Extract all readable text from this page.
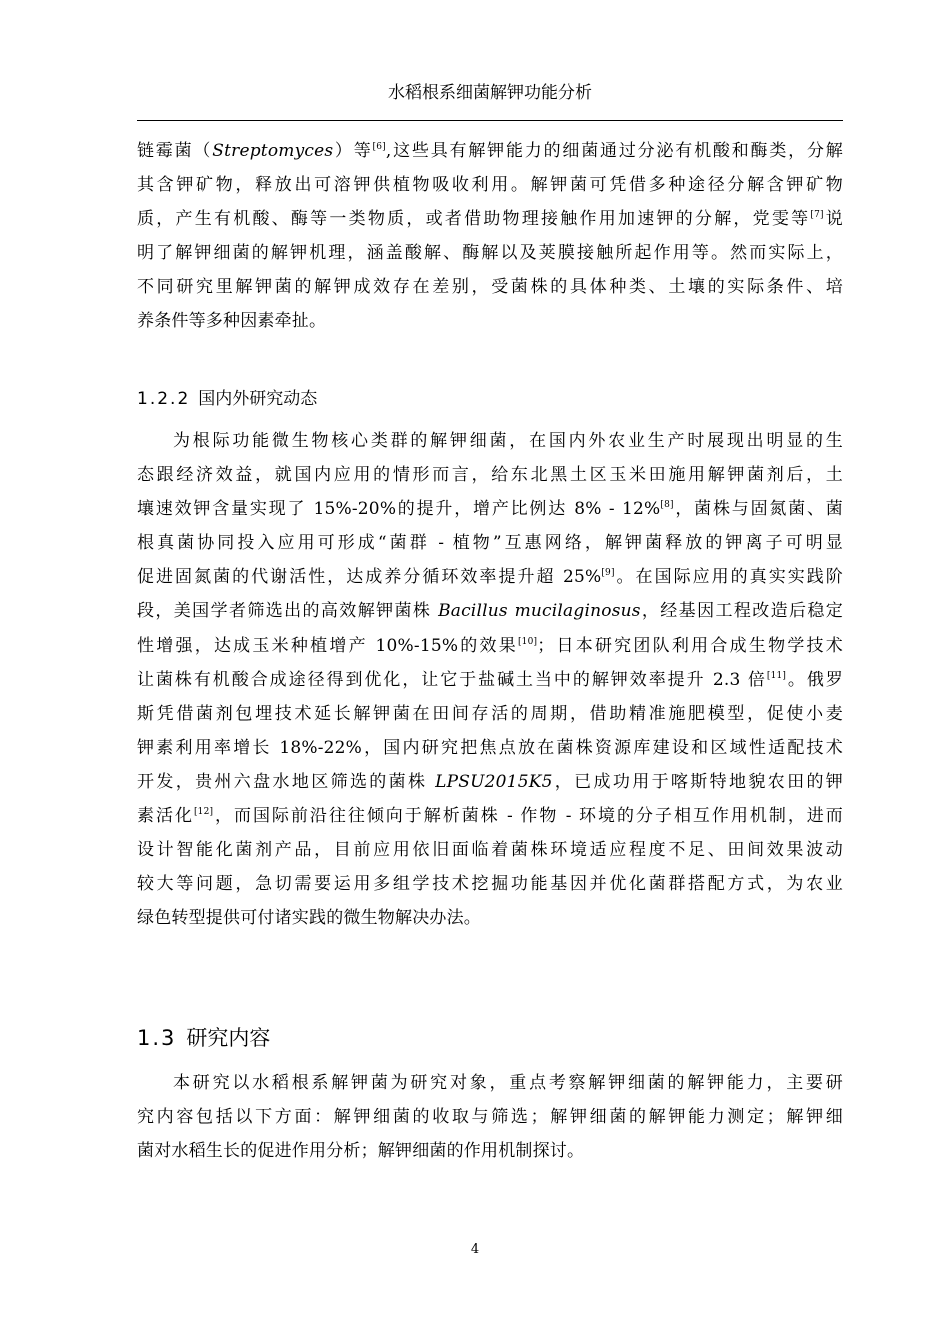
水稻根系细菌解钾功能分析
链霉菌（Streptomyces）等[6],这些具有解钾能力的细菌通过分泌有机酸和酶类，分解
其含钾矿物，释放出可溶钾供植物吸收利用。解钾菌可凭借多种途径分解含钾矿物
质，产生有机酸、酶等一类物质，或者借助物理接触作用加速钾的分解，党雯等[7]说
明了解钾细菌的解钾机理，涵盖酸解、酶解以及荚膜接触所起作用等。然而实际上，
不同研究里解钾菌的解钾成效存在差别，受菌株的具体种类、土壤的实际条件、培
养条件等多种因素牵扯。
1.2.2 国内外研究动态
为根际功能微生物核心类群的解钾细菌，在国内外农业生产时展现出明显的生
态跟经济效益，就国内应用的情形而言，给东北黑土区玉米田施用解钾菌剂后，土
壤速效钾含量实现了 15%-20%的提升，增产比例达 8% - 12%[8]，菌株与固氮菌、菌
根真菌协同投入应用可形成“菌群 - 植物”互惠网络，解钾菌释放的钾离子可明显
促进固氮菌的代谢活性，达成养分循环效率提升超 25%[9]。在国际应用的真实实践阶
段，美国学者筛选出的高效解钾菌株 Bacillus mucilaginosus，经基因工程改造后稳定
性增强，达成玉米种植增产 10%-15%的效果[10]；日本研究团队利用合成生物学技术
让菌株有机酸合成途径得到优化，让它于盐碱土当中的解钾效率提升 2.3 倍[11]。俄罗
斯凭借菌剂包埋技术延长解钾菌在田间存活的周期，借助精准施肥模型，促使小麦
钾素利用率增长 18%-22%，国内研究把焦点放在菌株资源库建设和区域性适配技术
开发，贵州六盘水地区筛选的菌株 LPSU2015K5，已成功用于喀斯特地貌农田的钾
素活化[12]，而国际前沿往往倾向于解析菌株 - 作物 - 环境的分子相互作用机制，进而
设计智能化菌剂产品，目前应用依旧面临着菌株环境适应程度不足、田间效果波动
较大等问题，急切需要运用多组学技术挖掘功能基因并优化菌群搭配方式，为农业
绿色转型提供可付诸实践的微生物解决办法。
1.3 研究内容
本研究以水稻根系解钾菌为研究对象，重点考察解钾细菌的解钾能力，主要研
究内容包括以下方面：解钾细菌的收取与筛选；解钾细菌的解钾能力测定；解钾细
菌对水稻生长的促进作用分析；解钾细菌的作用机制探讨。
4
